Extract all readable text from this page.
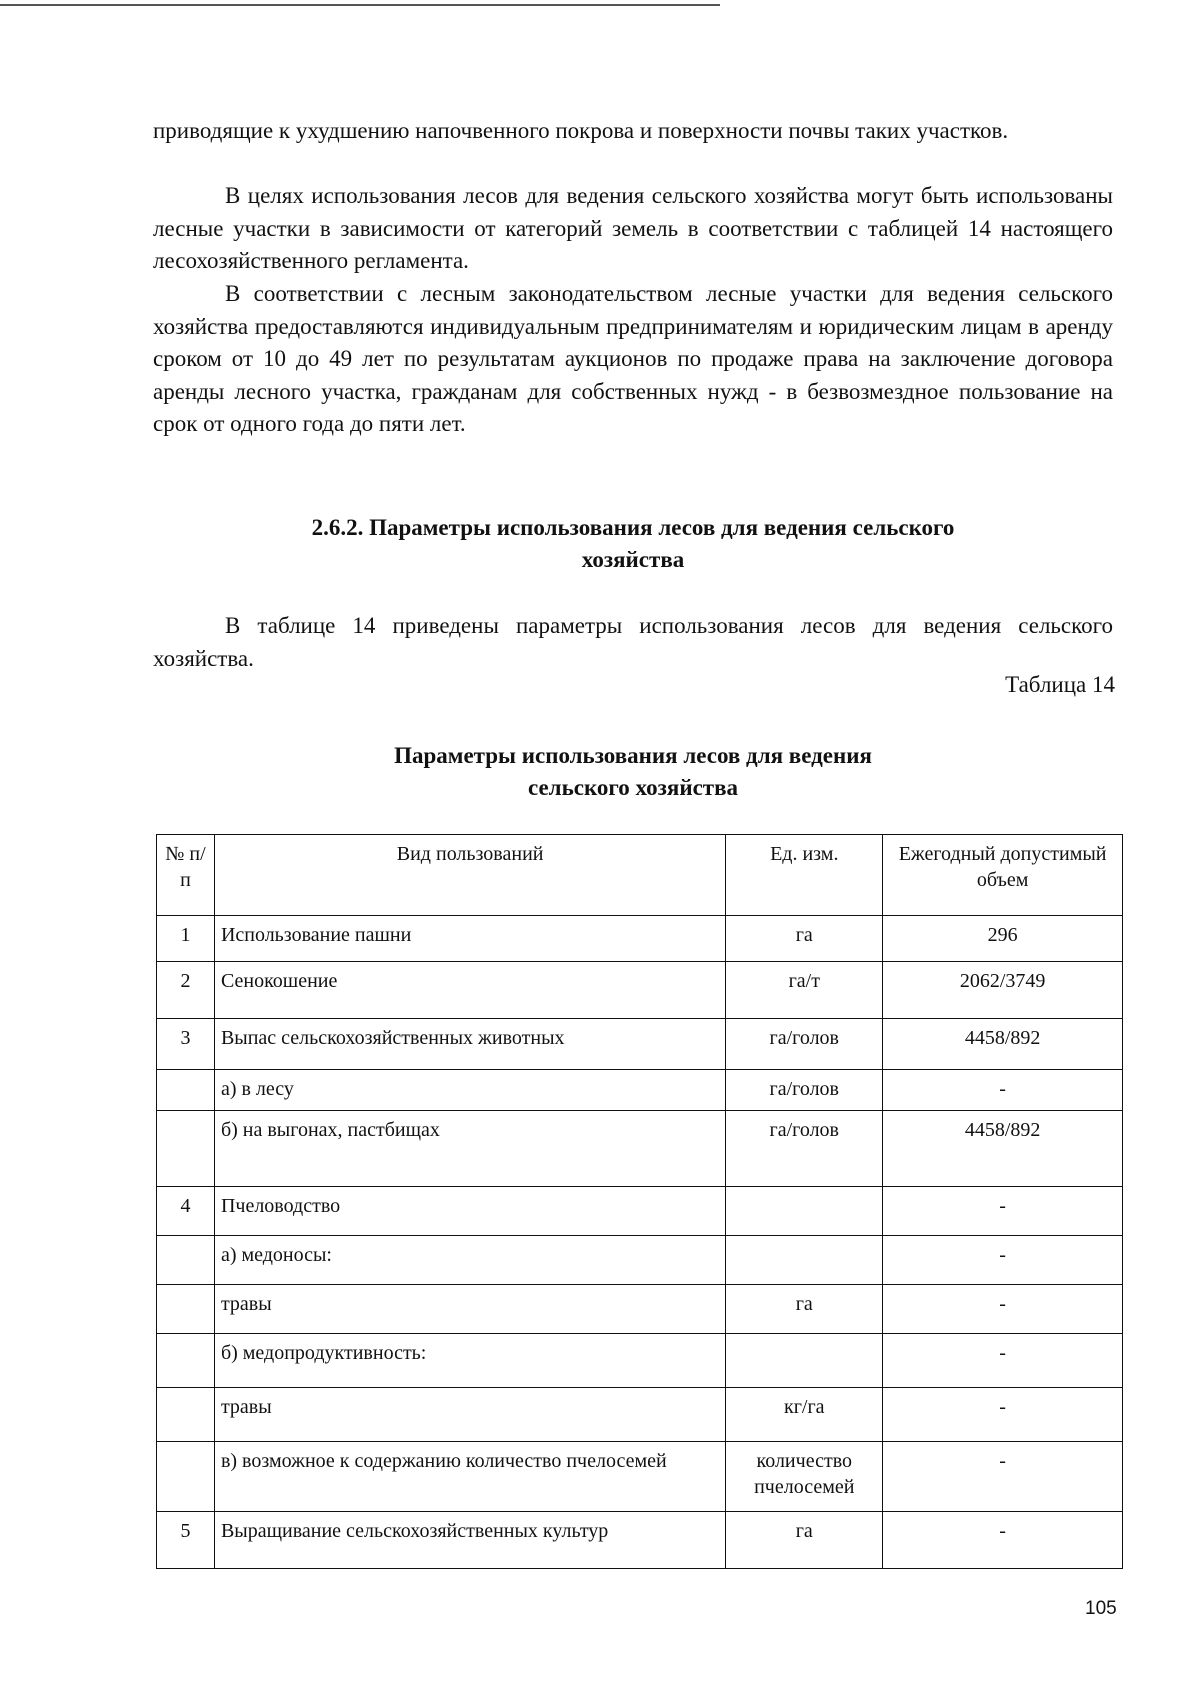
приводящие к ухудшению напочвенного покрова и поверхности почвы таких участков.
В целях использования лесов для ведения сельского хозяйства могут быть использованы лесные участки в зависимости от категорий земель в соответствии с таблицей 14 настоящего лесохозяйственного регламента.
В соответствии с лесным законодательством лесные участки для ведения сельского хозяйства предоставляются индивидуальным предпринимателям и юридическим лицам в аренду сроком от 10 до 49 лет по результатам аукционов по продаже права на заключение договора аренды лесного участка, гражданам для собственных нужд - в безвозмездное пользование на срок от одного года до пяти лет.
2.6.2. Параметры использования лесов для ведения сельского хозяйства
В таблице 14 приведены параметры использования лесов для ведения сельского хозяйства.
Таблица 14
Параметры использования лесов для ведения сельского хозяйства
№ п/п	Вид пользований	Ед. изм.	Ежегодный допустимый объем
1	Использование пашни	га	296
2	Сенокошение	га/т	2062/3749
3	Выпас сельскохозяйственных животных	га/голов	4458/892
	а) в лесу	га/голов	-
	б) на выгонах, пастбищах	га/голов	4458/892
4	Пчеловодство		-
	а) медоносы:		-
	травы	га	-
	б) медопродуктивность:		-
	травы	кг/га	-
	в) возможное к содержанию количество пчелосемей	количество пчелосемей	-
5	Выращивание сельскохозяйственных культур	га	-
105
